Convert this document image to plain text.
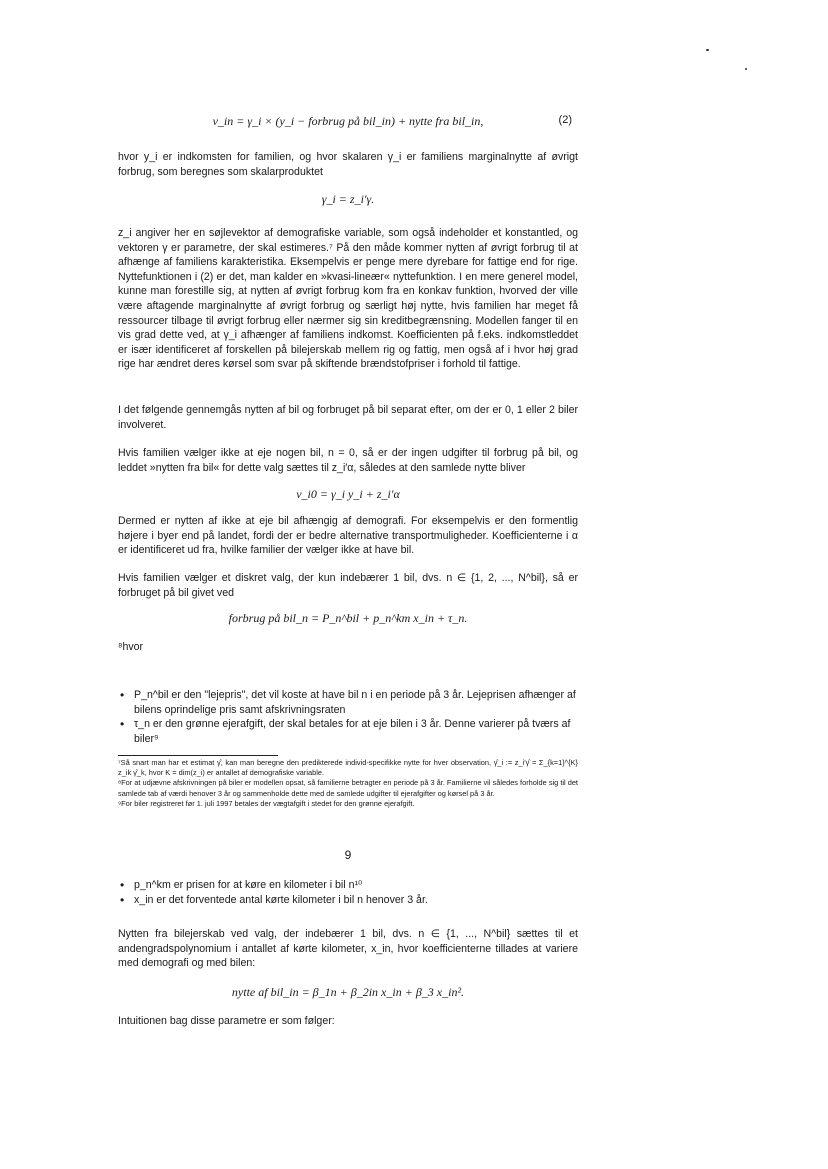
v_in = γ_i × (y_i − forbrug på bil_in) + nytte fra bil_in,	(2)

hvor y_i er indkomsten for familien, og hvor skalaren γ_i er familiens marginalnytte af øvrigt forbrug, som beregnes som skalarproduktet

γ_i = z_i′γ.

z_i angiver her en søjlevektor af demografiske variable, som også indeholder et konstantled, og vektoren γ er parametre, der skal estimeres.⁷ På den måde kommer nytten af øvrigt forbrug til at afhænge af familiens karakteristika. Eksempelvis er penge mere dyrebare for fattige end for rige. Nyttefunktionen i (2) er det, man kalder en »kvasi-lineær« nyttefunktion. I en mere generel model, kunne man forestille sig, at nytten af øvrigt forbrug kom fra en konkav funktion, hvorved der ville være aftagende marginalnytte af øvrigt forbrug og særligt høj nytte, hvis familien har meget få ressourcer tilbage til øvrigt forbrug eller nærmer sig sin kreditbegrænsning. Modellen fanger til en vis grad dette ved, at γ_i afhænger af familiens indkomst. Koefficienten på f.eks. indkomstleddet er især identificeret af forskellen på bilejerskab mellem rig og fattig, men også af i hvor høj grad rige har ændret deres kørsel som svar på skiftende brændstofpriser i forhold til fattige.

I det følgende gennemgås nytten af bil og forbruget på bil separat efter, om der er 0, 1 eller 2 biler involveret.

Hvis familien vælger ikke at eje nogen bil, n = 0, så er der ingen udgifter til forbrug på bil, og leddet »nytten fra bil« for dette valg sættes til z_i′α, således at den samlede nytte bliver

v_i0 = γ_i y_i + z_i′α

Dermed er nytten af ikke at eje bil afhængig af demografi. For eksempelvis er den formentlig højere i byer end på landet, fordi der er bedre alternative transportmuligheder. Koefficienterne i α er identificeret ud fra, hvilke familier der vælger ikke at have bil.

Hvis familien vælger et diskret valg, der kun indebærer 1 bil, dvs. n ∈ {1, 2, ..., N^bil}, så er forbruget på bil givet ved

forbrug på bil_n = P_n^bil + p_n^km x_in + τ_n.

⁸hvor

• P_n^bil er den "lejepris", det vil koste at have bil n i en periode på 3 år. Lejeprisen afhænger af bilens oprindelige pris samt afskrivningsraten
• τ_n er den grønne ejerafgift, der skal betales for at eje bilen i 3 år. Denne varierer på tværs af biler⁹

⁷Så snart man har et estimat γ̂, kan man beregne den predikterede individ-specifikke nytte for hver observation, γ̂_i := z_i′γ̂ = Σ_{k=1}^{K} z_ik γ̂_k, hvor K = dim(z_i) er antallet af demografiske variable.

⁸For at udjævne afskrivningen på biler er modellen opsat, så familierne betragter en periode på 3 år. Familierne vil således forholde sig til det samlede tab af værdi henover 3 år og sammenholde dette med de samlede udgifter til ejerafgifter og kørsel på 3 år.

⁹For biler registreret før 1. juli 1997 betales der vægtafgift i stedet for den grønne ejerafgift.

9
• p_n^km er prisen for at køre en kilometer i bil n¹⁰
• x_in er det forventede antal kørte kilometer i bil n henover 3 år.

Nytten fra bilejerskab ved valg, der indebærer 1 bil, dvs. n ∈ {1, ..., N^bil} sættes til et andengradspolynomium i antallet af kørte kilometer, x_in, hvor koefficienterne tillades at variere med demografi og med bilen:

nytte af bil_in = β_1n + β_2in x_in + β_3 x_in².

Intuitionen bag disse parametre er som følger:
